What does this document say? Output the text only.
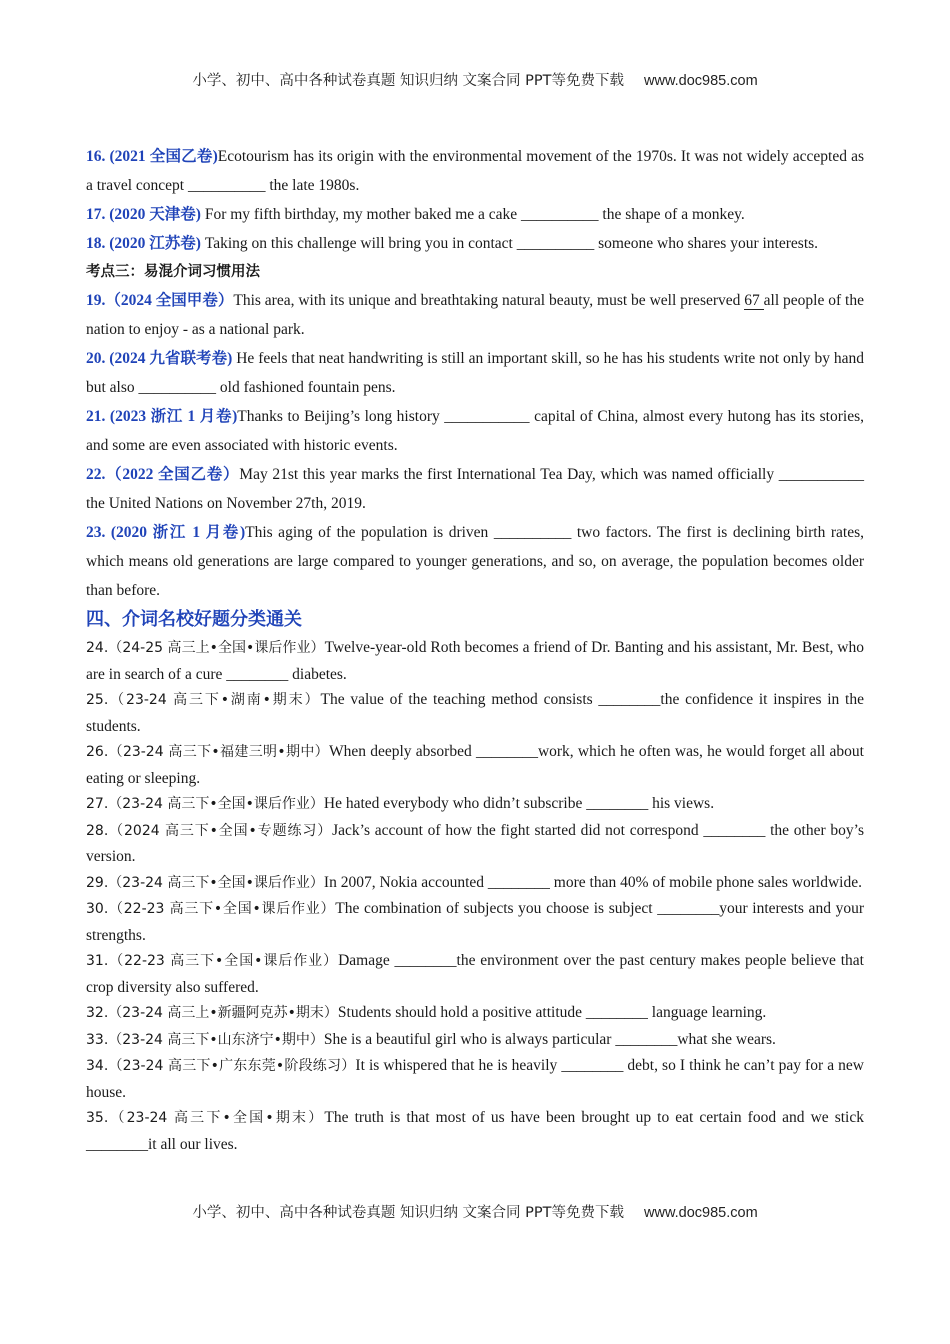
小学、初中、高中各种试卷真题 知识归纳 文案合同 PPT等免费下载 www.doc985.com
16. (2021 全国乙卷)Ecotourism has its origin with the environmental movement of the 1970s. It was not widely accepted as a travel concept __________ the late 1980s.
17. (2020 天津卷) For my fifth birthday, my mother baked me a cake __________ the shape of a monkey.
18. (2020 江苏卷) Taking on this challenge will bring you in contact __________ someone who shares your interests.
考点三：易混介词习惯用法
19.（2024 全国甲卷）This area, with its unique and breathtaking natural beauty, must be well preserved 67 all people of the nation to enjoy - as a national park.
20. (2024 九省联考卷) He feels that neat handwriting is still an important skill, so he has his students write not only by hand but also __________ old fashioned fountain pens.
21. (2023 浙江 1 月卷)Thanks to Beijing’s long history ___________ capital of China, almost every hutong has its stories, and some are even associated with historic events.
22.（2022 全国乙卷）May 21st this year marks the first International Tea Day, which was named officially ___________ the United Nations on November 27th, 2019.
23. (2020 浙江 1 月卷)This aging of the population is driven __________ two factors. The first is declining birth rates, which means old generations are large compared to younger generations, and so, on average, the population becomes older than before.
四、介词名校好题分类通关
24.（24-25 高三上•全国•课后作业）Twelve-year-old Roth becomes a friend of Dr. Banting and his assistant, Mr. Best, who are in search of a cure ________ diabetes.
25.（23-24 高三下•湖南•期末）The value of the teaching method consists ________the confidence it inspires in the students.
26.（23-24 高三下•福建三明•期中）When deeply absorbed ________work, which he often was, he would forget all about eating or sleeping.
27.（23-24 高三下•全国•课后作业）He hated everybody who didn’t subscribe ________ his views.
28.（2024 高三下•全国•专题练习）Jack’s account of how the fight started did not correspond ________ the other boy’s version.
29.（23-24 高三下•全国•课后作业）In 2007, Nokia accounted ________ more than 40% of mobile phone sales worldwide.
30.（22-23 高三下•全国•课后作业）The combination of subjects you choose is subject ________your interests and your strengths.
31.（22-23 高三下•全国•课后作业）Damage ________the environment over the past century makes people believe that crop diversity also suffered.
32.（23-24 高三上•新疆阿克苏•期末）Students should hold a positive attitude ________ language learning.
33.（23-24 高三下•山东济宁•期中）She is a beautiful girl who is always particular ________what she wears.
34.（23-24 高三下•广东东莞•阶段练习）It is whispered that he is heavily ________ debt, so I think he can’t pay for a new house.
35.（23-24 高三下•全国•期末）The truth is that most of us have been brought up to eat certain food and we stick ________it all our lives.
小学、初中、高中各种试卷真题 知识归纳 文案合同 PPT等免费下载 www.doc985.com
